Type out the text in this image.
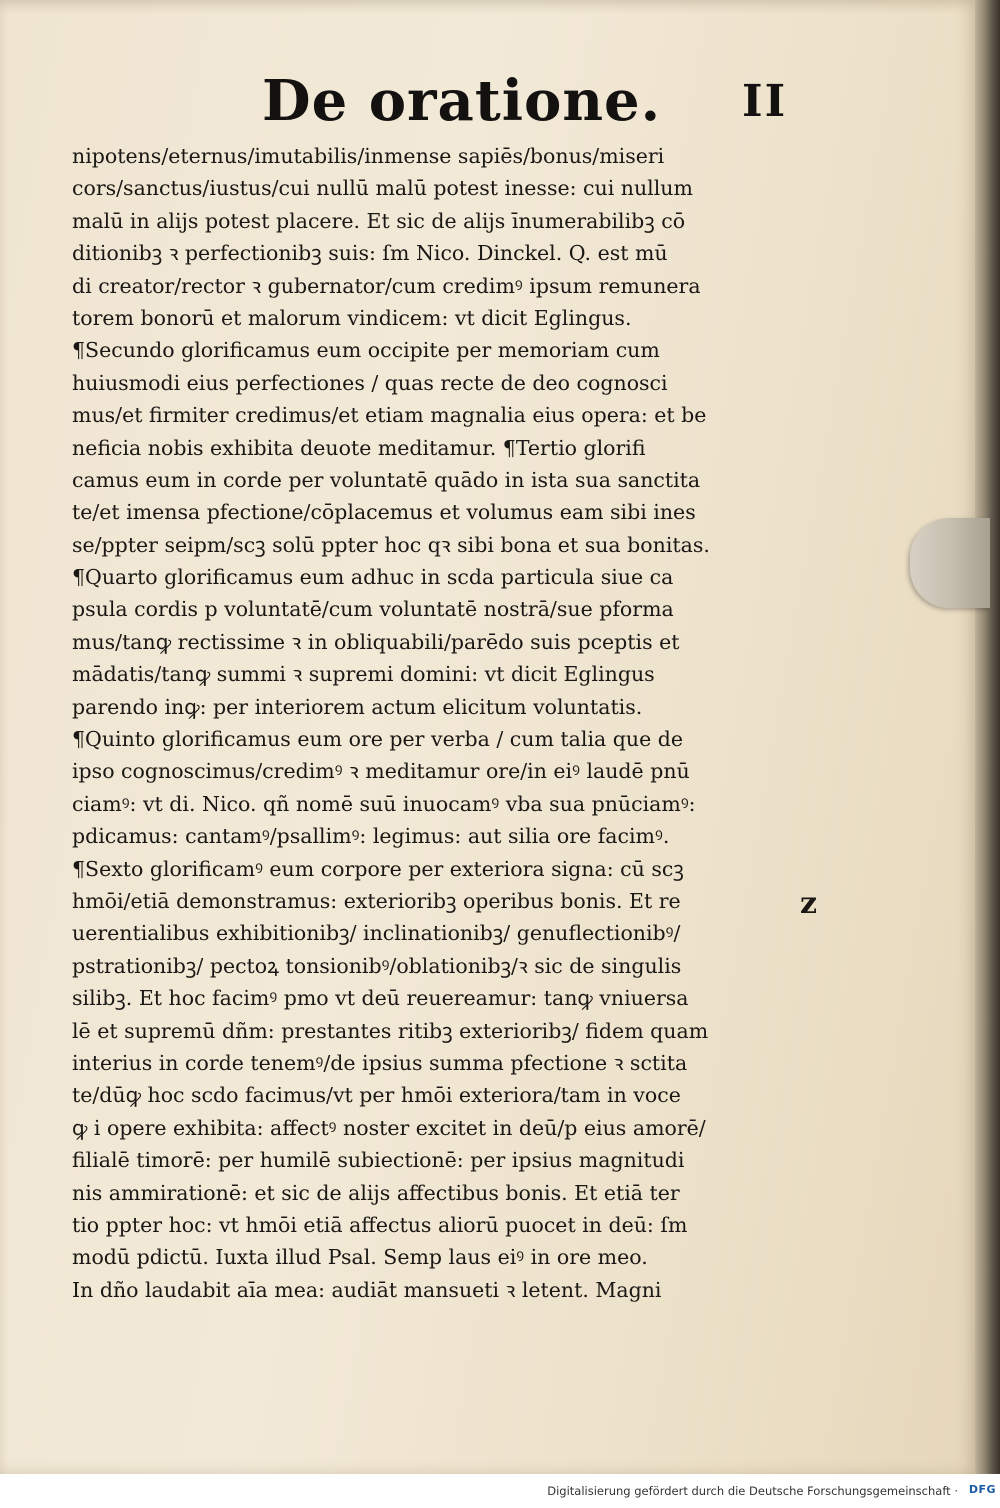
De oratione. II
nipotens/eternus/imutabilis/inmense sapiēs/bonus/miseri
cors/sanctus/iustus/cui nullū malū potest inesse: cui nullum
malū in alijs potest placere. Et sic de alijs īnumerabilibꝫ cō
ditionibꝫ ꝛ perfectionibꝫ suis: ſm Nico. Dinckel. Q. est mū
di creator/rector ꝛ gubernator/cum credimꝰ ipsum remunera
torem bonorū et malorum vindicem: vt dicit Eglingus.
¶Secundo glorificamus eum occipite per memoriam cum
huiusmodi eius perfectiones / quas recte de deo cognosci
mus/et firmiter credimus/et etiam magnalia eius opera: et be
neficia nobis exhibita deuote meditamur. ¶Tertio glorifi
camus eum in corde per voluntatē quādo in ista sua sanctita
te/et imensa pfectione/cōplacemus et volumus eam sibi ines
se/ppter seipm/scꝫ solū ppter hoc qꝛ sibi bona et sua bonitas.
¶Quarto glorificamus eum adhuc in scda particula siue ca
psula cordis p voluntatē/cum voluntatē nostrā/sue pforma
mus/tanꝙ rectissime ꝛ in obliquabili/parēdo suis pceptis et
mādatis/tanꝙ summi ꝛ supremi domini: vt dicit Eglingus
parendo inꝙ: per interiorem actum elicitum voluntatis.
¶Quinto glorificamus eum ore per verba / cum talia que de
ipso cognoscimus/credimꝰ ꝛ meditamur ore/in eiꝰ laudē pnū
ciamꝰ: vt di. Nico. qñ nomē suū inuocamꝰ vba sua pnūciamꝰ:
pdicamus: cantamꝰ/psallimꝰ: legimus: aut silia ore facimꝰ.
¶Sexto glorificamꝰ eum corpore per exteriora signa: cū scꝫ
hmōi/etiā demonstramus: exterioribꝫ operibus bonis. Et re
uerentialibus exhibitionibꝫ/ inclinationibꝫ/ genuflectionibꝰ/
pstrationibꝫ/ pectoꝝ tonsionibꝰ/oblationibꝫ/ꝛ sic de singulis
silibꝫ. Et hoc facimꝰ pmo vt deū reuereamur: tanꝙ vniuersa
lē et supremū dñm: prestantes ritibꝫ exterioribꝫ/ fidem quam
interius in corde tenemꝰ/de ipsius summa pfectione ꝛ sctita
te/dūꝙ hoc scdo facimus/vt per hmōi exteriora/tam in voce
ꝙ i opere exhibita: affectꝰ noster excitet in deū/p eius amorē/
filialē timorē: per humilē subiectionē: per ipsius magnitudi
nis ammirationē: et sic de alijs affectibus bonis. Et etiā ter
tio ppter hoc: vt hmōi etiā affectus aliorū puocet in deū: ſm
modū pdictū. Iuxta illud Psal. Semp laus eiꝰ in ore meo.
In dño laudabit aīa mea: audiāt mansueti ꝛ letent. Magni
z
Digitalisierung gefördert durch die Deutsche Forschungsgemeinschaft · DFG
